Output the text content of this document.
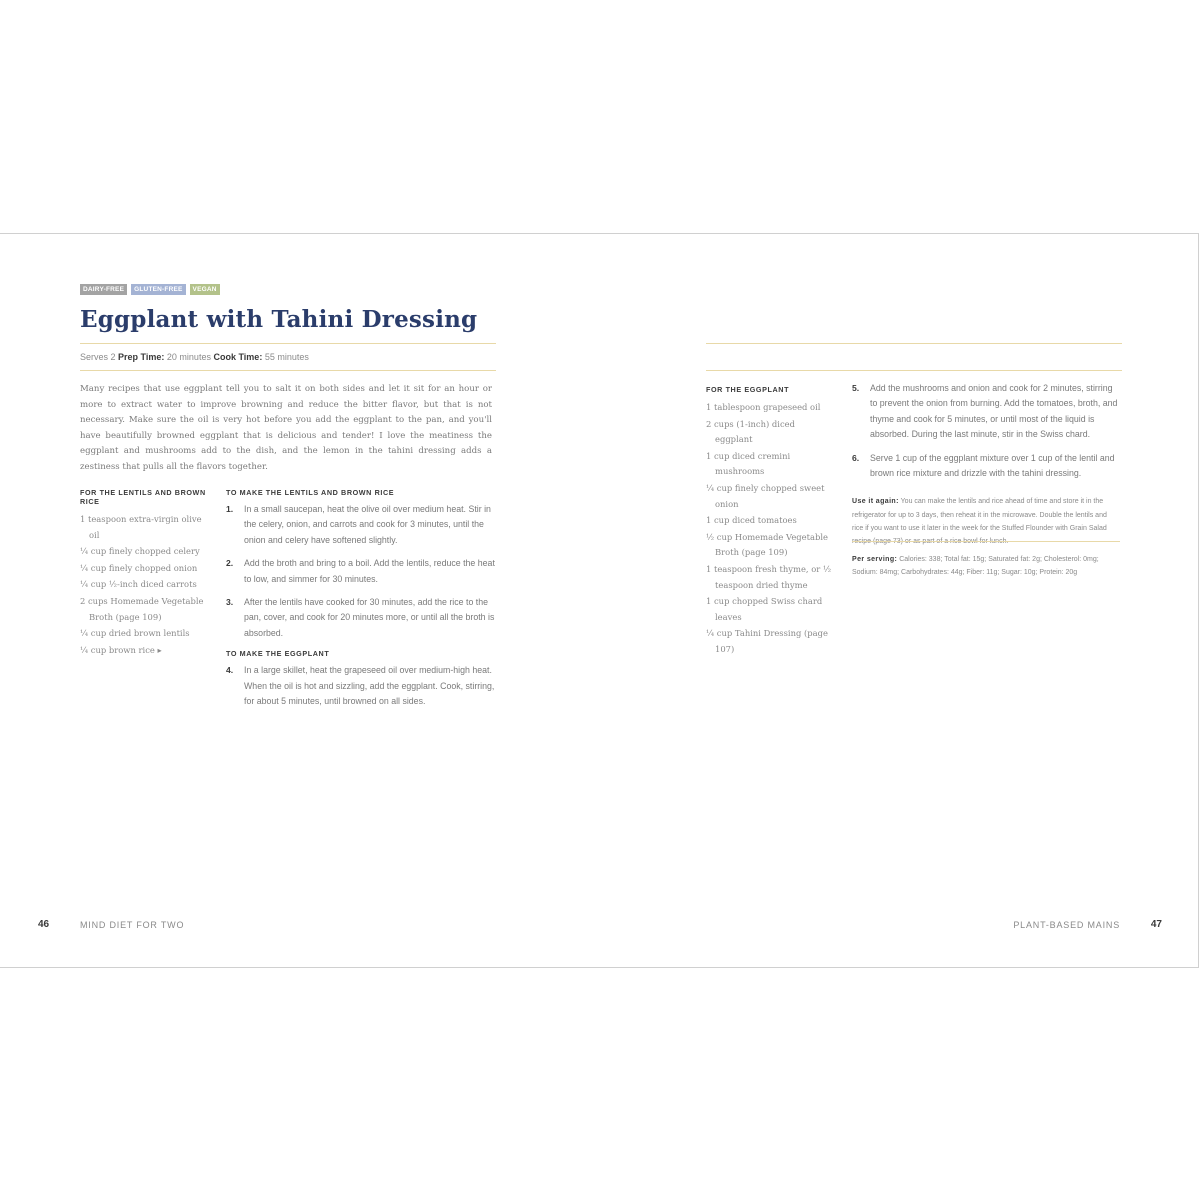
DAIRY-FREE	GLUTEN-FREE	VEGAN
Eggplant with Tahini Dressing
Serves 2 Prep Time: 20 minutes Cook Time: 55 minutes
Many recipes that use eggplant tell you to salt it on both sides and let it sit for an hour or more to extract water to improve browning and reduce the bitter flavor, but that is not necessary. Make sure the oil is very hot before you add the eggplant to the pan, and you'll have beautifully browned eggplant that is delicious and tender! I love the meatiness the eggplant and mushrooms add to the dish, and the lemon in the tahini dressing adds a zestiness that pulls all the flavors together.
FOR THE LENTILS AND BROWN RICE
1 teaspoon extra-virgin olive oil
¼ cup finely chopped celery
¼ cup finely chopped onion
¼ cup ½-inch diced carrots
2 cups Homemade Vegetable Broth (page 109)
¼ cup dried brown lentils
¼ cup brown rice ▸
TO MAKE THE LENTILS AND BROWN RICE
1.	In a small saucepan, heat the olive oil over medium heat. Stir in the celery, onion, and carrots and cook for 3 minutes, until the onion and celery have softened slightly.
2.	Add the broth and bring to a boil. Add the lentils, reduce the heat to low, and simmer for 30 minutes.
3.	After the lentils have cooked for 30 minutes, add the rice to the pan, cover, and cook for 20 minutes more, or until all the broth is absorbed.
TO MAKE THE EGGPLANT
4.	In a large skillet, heat the grapeseed oil over medium-high heat. When the oil is hot and sizzling, add the eggplant. Cook, stirring, for about 5 minutes, until browned on all sides.
46	MIND DIET FOR TWO
FOR THE EGGPLANT
1 tablespoon grapeseed oil
2 cups (1-inch) diced eggplant
1 cup diced cremini mushrooms
¼ cup finely chopped sweet onion
1 cup diced tomatoes
½ cup Homemade Vegetable Broth (page 109)
1 teaspoon fresh thyme, or ½ teaspoon dried thyme
1 cup chopped Swiss chard leaves
¼ cup Tahini Dressing (page 107)
5.	Add the mushrooms and onion and cook for 2 minutes, stirring to prevent the onion from burning. Add the tomatoes, broth, and thyme and cook for 5 minutes, or until most of the liquid is absorbed. During the last minute, stir in the Swiss chard.
6.	Serve 1 cup of the eggplant mixture over 1 cup of the lentil and brown rice mixture and drizzle with the tahini dressing.
Use it again: You can make the lentils and rice ahead of time and store it in the refrigerator for up to 3 days, then reheat it in the microwave. Double the lentils and rice if you want to use it later in the week for the Stuffed Flounder with Grain Salad
Per serving: Calories: 338; Total fat: 15g; Saturated fat: 2g; Cholesterol: 0mg; Sodium: 84mg; Carbohydrates: 44g; Fiber: 11g; Sugar: 10g; Protein: 20g
PLANT-BASED MAINS	47
